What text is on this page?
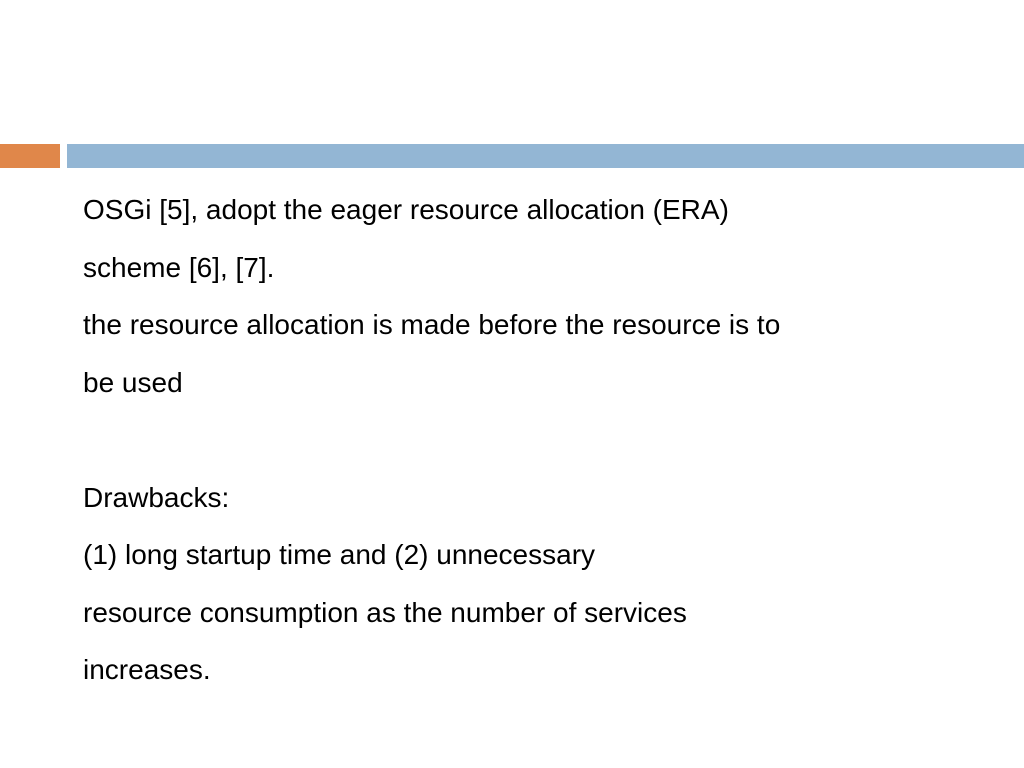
OSGi [5], adopt the eager resource allocation (ERA)
scheme [6], [7].
the resource allocation is made before the resource is to
be used
Drawbacks:
(1) long startup time and (2) unnecessary
resource consumption as the number of services
increases.
